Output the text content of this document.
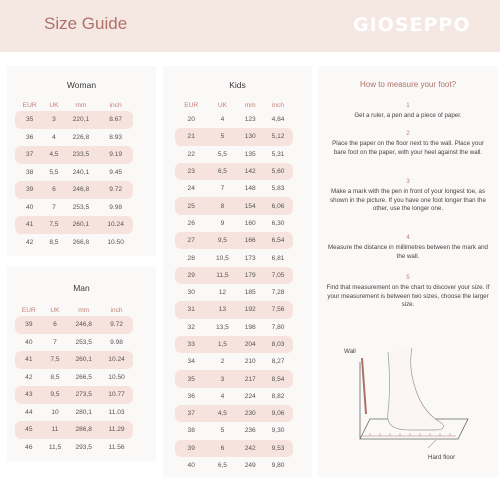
Size Guide	GIOSEPPO
Woman
EUR	UK	mm	inch
35	3	220,1	8.67
36	4	226,8	8.93
37	4,5	233,5	9.19
38	5,5	240,1	9.45
39	6	246,8	9.72
40	7	253,5	9.98
41	7,5	260,1	10.24
42	8,5	266,8	10.50
Man
EUR	UK	mm	inch
39	6	246,8	9.72
40	7	253,5	9.98
41	7,5	260,1	10.24
42	8,5	266,5	10.50
43	9,5	273,5	10.77
44	10	280,1	11.03
45	11	286,8	11.29
46	11,5	293,5	11.56
Kids
EUR	UK	mm	inch
20	4	123	4,84
21	5	130	5,12
22	5,5	135	5,31
23	6,5	142	5,60
24	7	148	5,83
25	8	154	6,06
26	9	160	6,30
27	9,5	166	6,54
28	10,5	173	6,81
29	11,5	179	7,05
30	12	185	7,28
31	13	192	7,56
32	13,5	198	7,80
33	1,5	204	8,03
34	2	210	8,27
35	3	217	8,54
36	4	224	8,82
37	4,5	230	9,06
38	5	236	9,30
39	6	242	9,53
40	6,5	249	9,80
How to measure your foot?
1
Get a ruler, a pen and a piece of paper.
2
Place the paper on the floor next to the wall. Place your bare foot on the paper, with your heel against the wall.
3
Make a mark with the pen in front of your longest toe, as shown in the picture. If you have one foot longer than the other, use the longer one.
4
Measure the distance in millimetres between the mark and the wall.
5
Find that measurement on the chart to discover your size. If your measurement is between two sizes, choose the larger size.
Wall
Hard floor
